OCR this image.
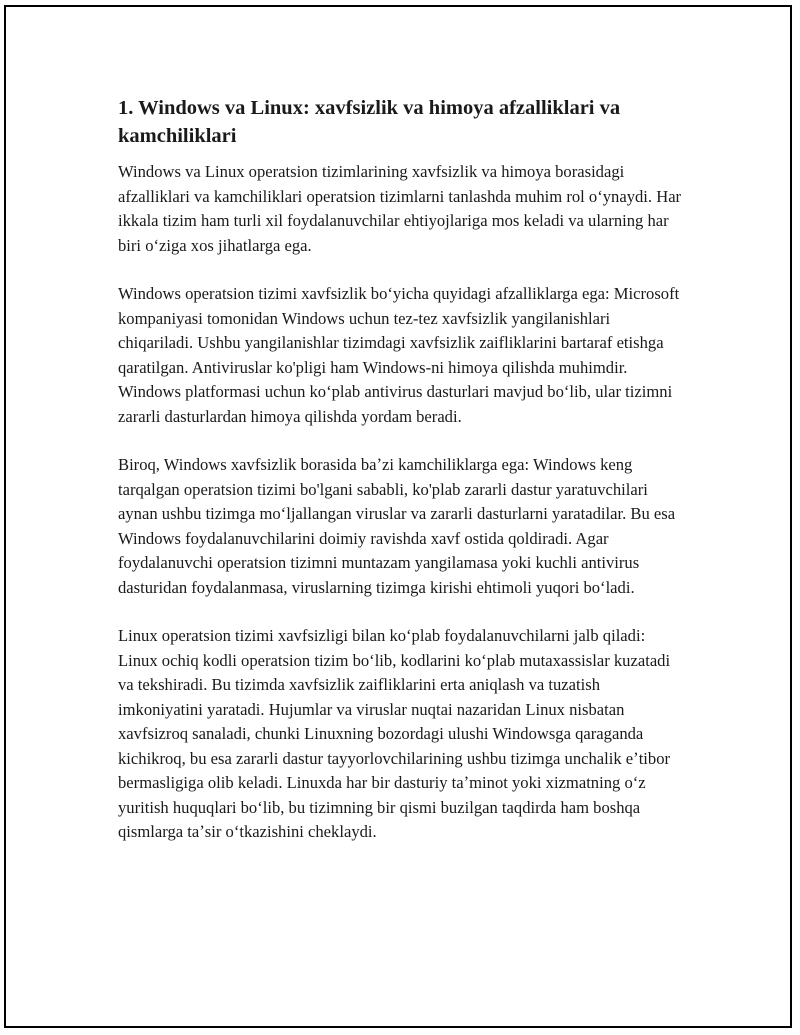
1. Windows va Linux: xavfsizlik va himoya afzalliklari va kamchiliklari

Windows va Linux operatsion tizimlarining xavfsizlik va himoya borasidagi afzalliklari va kamchiliklari operatsion tizimlarni tanlashda muhim rol oʻynaydi. Har ikkala tizim ham turli xil foydalanuvchilar ehtiyojlariga mos keladi va ularning har biri oʻziga xos jihatlarga ega.

Windows operatsion tizimi xavfsizlik boʻyicha quyidagi afzalliklarga ega: Microsoft kompaniyasi tomonidan Windows uchun tez-tez xavfsizlik yangilanishlari chiqariladi. Ushbu yangilanishlar tizimdagi xavfsizlik zaifliklarini bartaraf etishga qaratilgan. Antiviruslar ko'pligi ham Windows-ni himoya qilishda muhimdir. Windows platformasi uchun koʻplab antivirus dasturlari mavjud boʻlib, ular tizimni zararli dasturlardan himoya qilishda yordam beradi.

Biroq, Windows xavfsizlik borasida baʼzi kamchiliklarga ega: Windows keng tarqalgan operatsion tizimi bo'lgani sababli, ko'plab zararli dastur yaratuvchilari aynan ushbu tizimga moʻljallangan viruslar va zararli dasturlarni yaratadilar. Bu esa Windows foydalanuvchilarini doimiy ravishda xavf ostida qoldiradi. Agar foydalanuvchi operatsion tizimni muntazam yangilamasa yoki kuchli antivirus dasturidan foydalanmasa, viruslarning tizimga kirishi ehtimoli yuqori boʻladi.

Linux operatsion tizimi xavfsizligi bilan koʻplab foydalanuvchilarni jalb qiladi: Linux ochiq kodli operatsion tizim boʻlib, kodlarini koʻplab mutaxassislar kuzatadi va tekshiradi. Bu tizimda xavfsizlik zaifliklarini erta aniqlash va tuzatish imkoniyatini yaratadi. Hujumlar va viruslar nuqtai nazaridan Linux nisbatan xavfsizroq sanaladi, chunki Linuxning bozordagi ulushi Windowsga qaraganda kichikroq, bu esa zararli dastur tayyorlovchilarining ushbu tizimga unchalik eʼtibor bermasligiga olib keladi. Linuxda har bir dasturiy taʼminot yoki xizmatning oʻz yuritish huquqlari boʻlib, bu tizimning bir qismi buzilgan taqdirda ham boshqa qismlarga taʼsir oʻtkazishini cheklaydi.
